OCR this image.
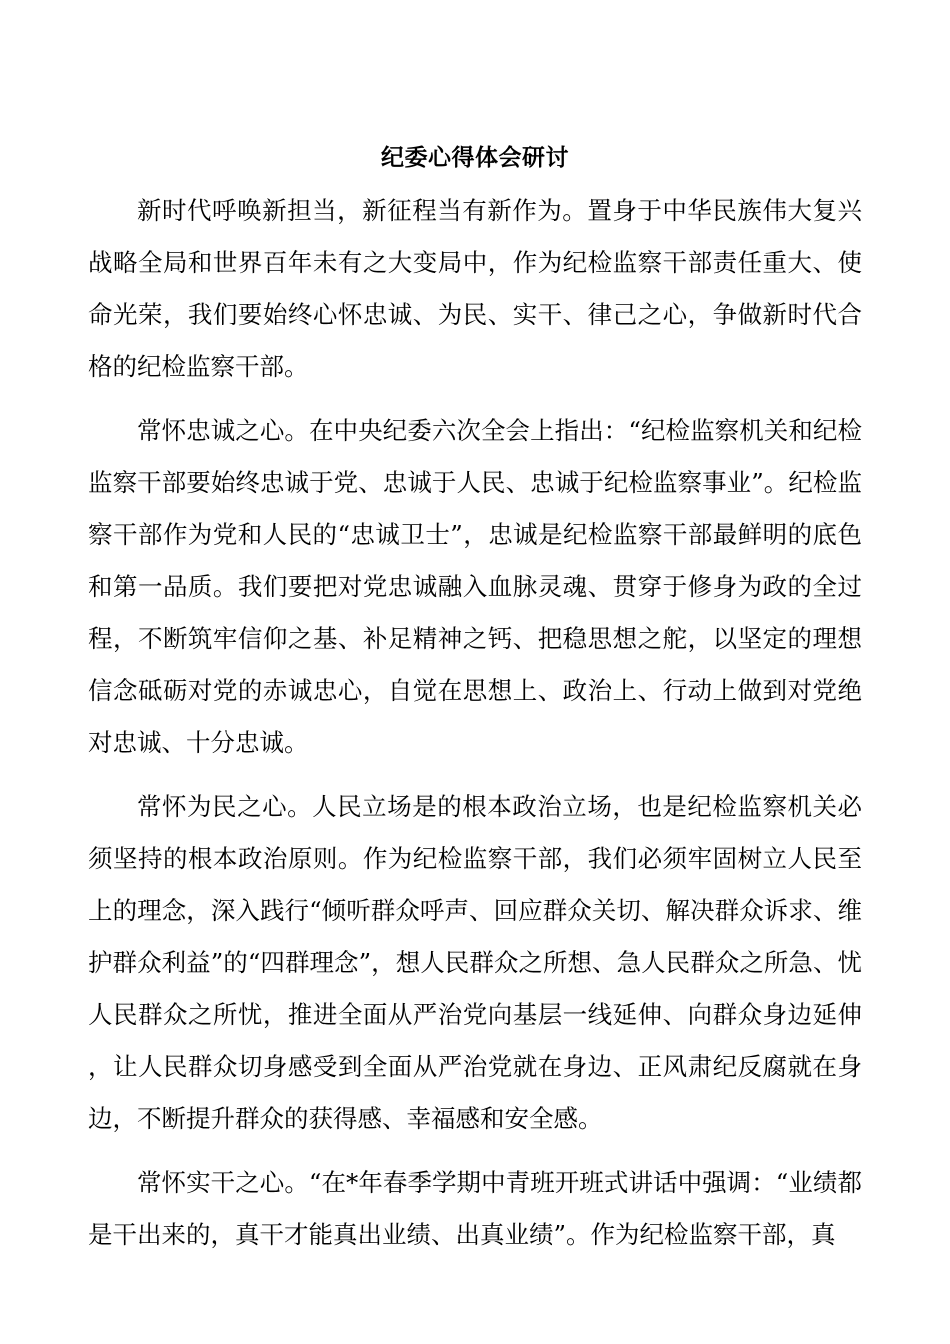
纪委心得体会研讨

新时代呼唤新担当，新征程当有新作为。置身于中华民族伟大复兴战略全局和世界百年未有之大变局中，作为纪检监察干部责任重大、使命光荣，我们要始终心怀忠诚、为民、实干、律己之心，争做新时代合格的纪检监察干部。

常怀忠诚之心。在中央纪委六次全会上指出：“纪检监察机关和纪检监察干部要始终忠诚于党、忠诚于人民、忠诚于纪检监察事业”。纪检监察干部作为党和人民的“忠诚卫士”，忠诚是纪检监察干部最鲜明的底色和第一品质。我们要把对党忠诚融入血脉灵魂、贯穿于修身为政的全过程，不断筑牢信仰之基、补足精神之钙、把稳思想之舵，以坚定的理想信念砥砺对党的赤诚忠心，自觉在思想上、政治上、行动上做到对党绝对忠诚、十分忠诚。

常怀为民之心。人民立场是的根本政治立场，也是纪检监察机关必须坚持的根本政治原则。作为纪检监察干部，我们必须牢固树立人民至上的理念，深入践行“倾听群众呼声、回应群众关切、解决群众诉求、维护群众利益”的“四群理念”，想人民群众之所想、急人民群众之所急、忧人民群众之所忧，推进全面从严治党向基层一线延伸、向群众身边延伸，让人民群众切身感受到全面从严治党就在身边、正风肃纪反腐就在身边，不断提升群众的获得感、幸福感和安全感。

常怀实干之心。“在*年春季学期中青班开班式讲话中强调：“业绩都是干出来的，真干才能真出业绩、出真业绩”。作为纪检监察干部，真
